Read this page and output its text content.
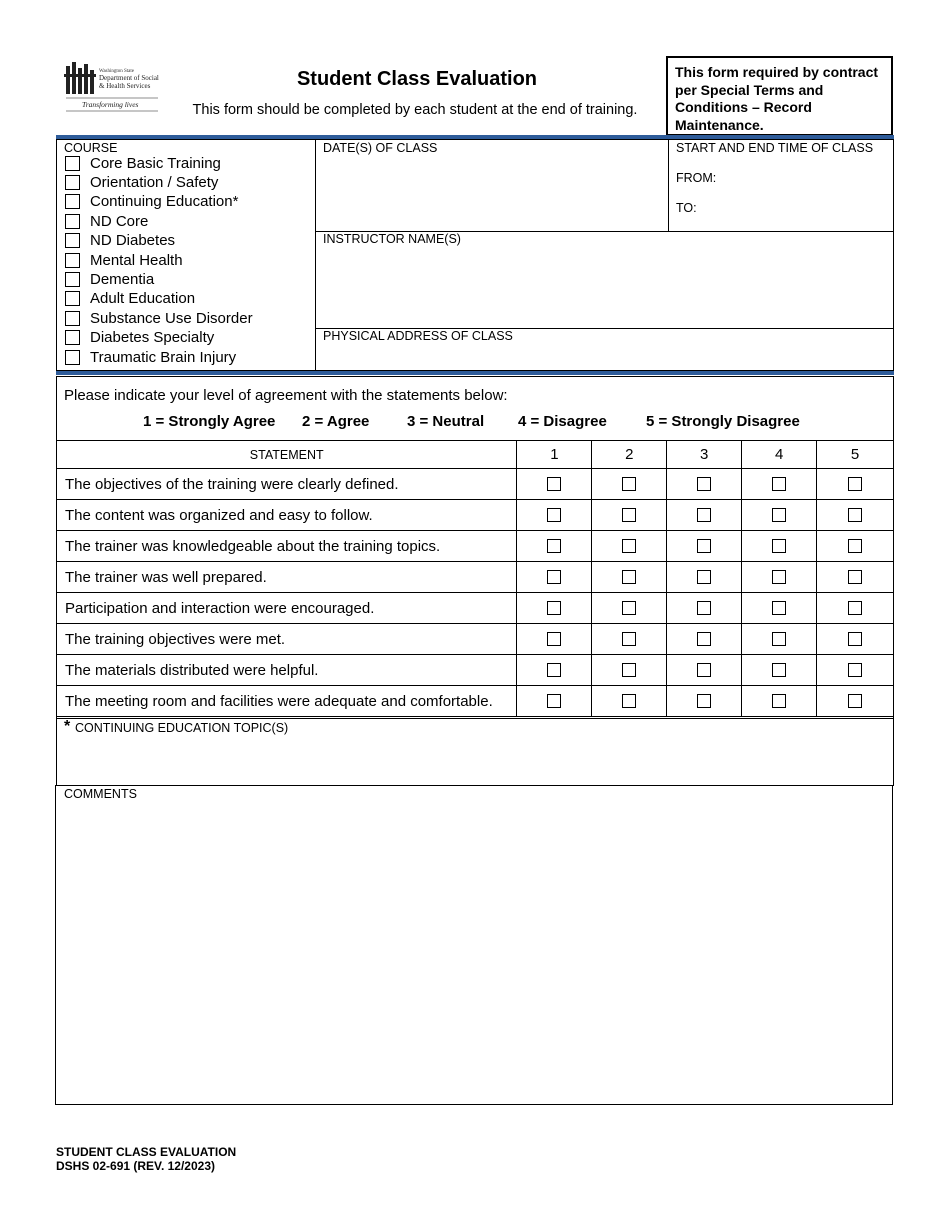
Washington State
Department of Social
& Health Services
Transforming lives
Student Class Evaluation
This form should be completed by each student at the end of training.
This form required by contract per Special Terms and Conditions – Record Maintenance.
COURSE
Core Basic Training
Orientation / Safety
Continuing Education*
ND Core
ND Diabetes
Mental Health
Dementia
Adult Education
Substance Use Disorder
Diabetes Specialty
Traumatic Brain Injury
DATE(S) OF CLASS	START AND END TIME OF CLASS
FROM:
TO:
INSTRUCTOR NAME(S)
PHYSICAL ADDRESS OF CLASS
Please indicate your level of agreement with the statements below:
1 = Strongly Agree 2 = Agree	3 = Neutral 4 = Disagree	5 = Strongly Disagree
STATEMENT	1	2	3	4	5
The objectives of the training were clearly defined.					
The content was organized and easy to follow.					
The trainer was knowledgeable about the training topics.					
The trainer was well prepared.					
Participation and interaction were encouraged.					
The training objectives were met.					
The materials distributed were helpful.					
The meeting room and facilities were adequate and comfortable.					
* CONTINUING EDUCATION TOPIC(S)
COMMENTS
STUDENT CLASS EVALUATION
DSHS 02-691 (REV. 12/2023)
